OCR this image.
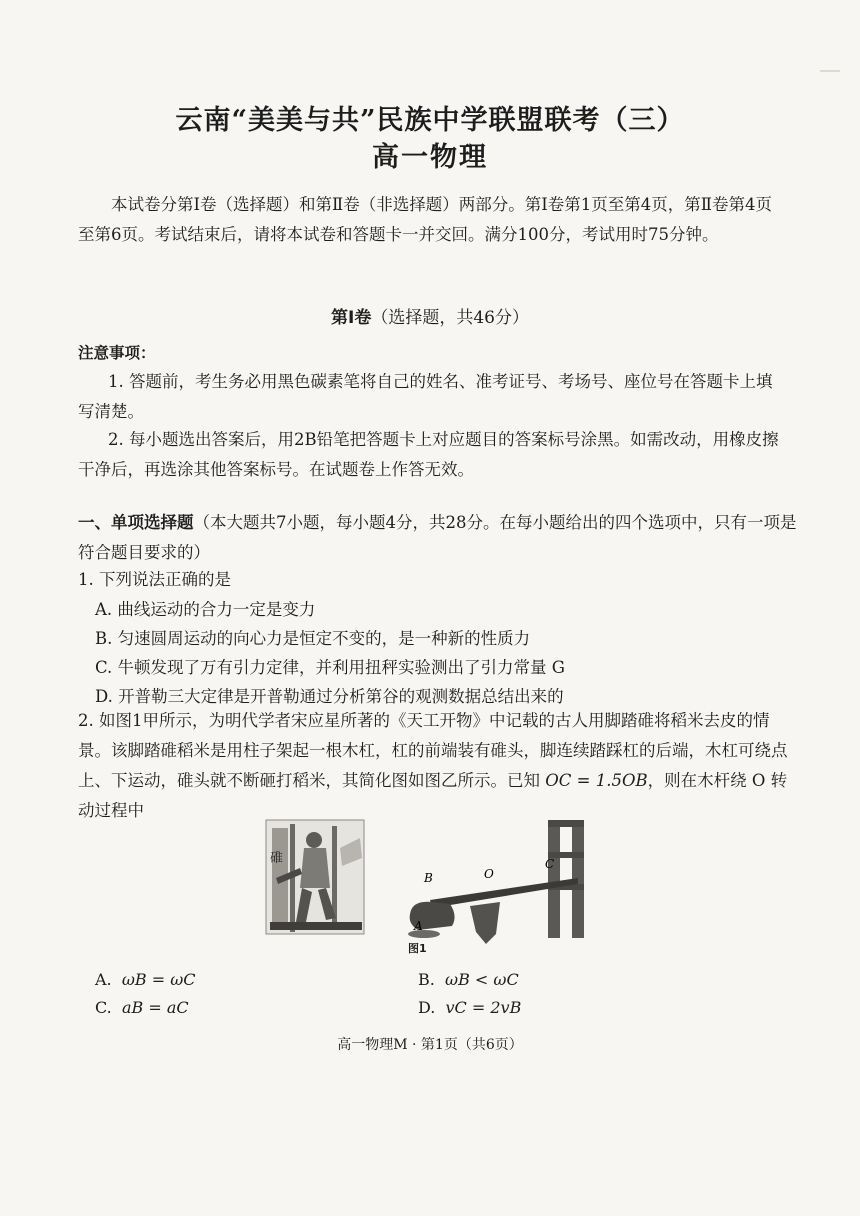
云南“美美与共”民族中学联盟联考（三）
高一物理
本试卷分第Ⅰ卷（选择题）和第Ⅱ卷（非选择题）两部分。第Ⅰ卷第1页至第4页，第Ⅱ卷第4页至第6页。考试结束后，请将本试卷和答题卡一并交回。满分100分，考试用时75分钟。
第Ⅰ卷（选择题，共46分）
注意事项：
1. 答题前，考生务必用黑色碳素笔将自己的姓名、准考证号、考场号、座位号在答题卡上填写清楚。
2. 每小题选出答案后，用2B铅笔把答题卡上对应题目的答案标号涂黑。如需改动，用橡皮擦干净后，再选涂其他答案标号。在试题卷上作答无效。
一、单项选择题（本大题共7小题，每小题4分，共28分。在每小题给出的四个选项中，只有一项是符合题目要求的）
1. 下列说法正确的是
A. 曲线运动的合力一定是变力
B. 匀速圆周运动的向心力是恒定不变的，是一种新的性质力
C. 牛顿发现了万有引力定律，并利用扭秤实验测出了引力常量 G
D. 开普勒三大定律是开普勒通过分析第谷的观测数据总结出来的
2. 如图1甲所示，为明代学者宋应星所著的《天工开物》中记载的古人用脚踏碓将稻米去皮的情景。该脚踏碓稻米是用柱子架起一根木杠，杠的前端装有碓头，脚连续踏踩杠的后端，木杠可绕点上、下运动，碓头就不断砸打稻米，其简化图如图乙所示。已知 OC = 1.5OB，则在木杆绕 O 转动过程中
碓
B	O
C
A
图1
A. ωB = ωC	B. ωB < ωC
C. aB = aC	D. vC = 2vB
高一物理M · 第1页（共6页）
